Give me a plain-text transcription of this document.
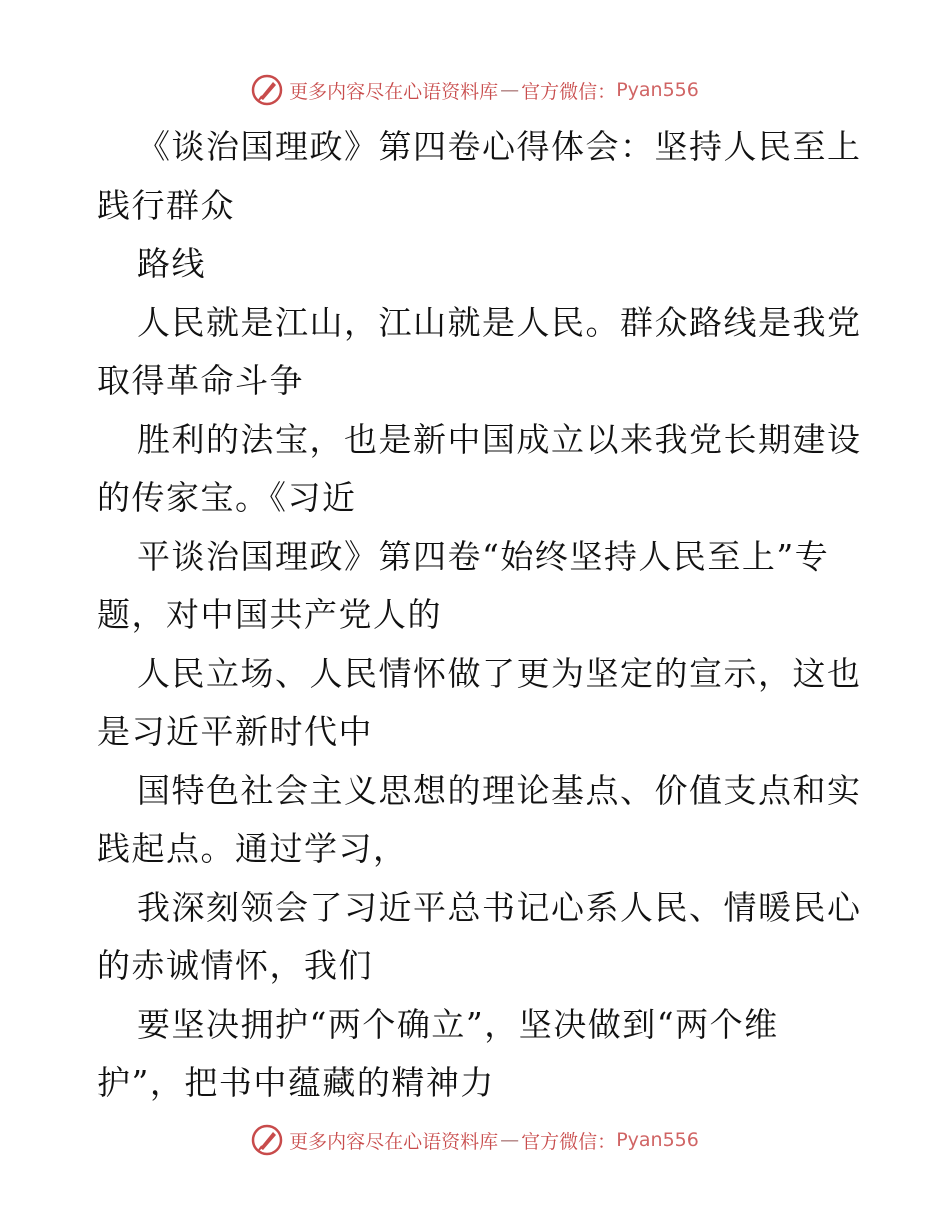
更多内容尽在心语资料库 — 官方微信： Pyan556
《谈治国理政》第四卷心得体会：坚持人民至上
践行群众
路线
人民就是江山，江山就是人民。群众路线是我党
取得革命斗争
胜利的法宝，也是新中国成立以来我党长期建设
的传家宝。《习近
平谈治国理政》第四卷“始终坚持人民至上”专
题，对中国共产党人的
人民立场、人民情怀做了更为坚定的宣示，这也
是习近平新时代中
国特色社会主义思想的理论基点、价值支点和实
践起点。通过学习，
我深刻领会了习近平总书记心系人民、情暖民心
的赤诚情怀，我们
要坚决拥护“两个确立”，坚决做到“两个维
护”，把书中蕴藏的精神力
更多内容尽在心语资料库 — 官方微信： Pyan556
